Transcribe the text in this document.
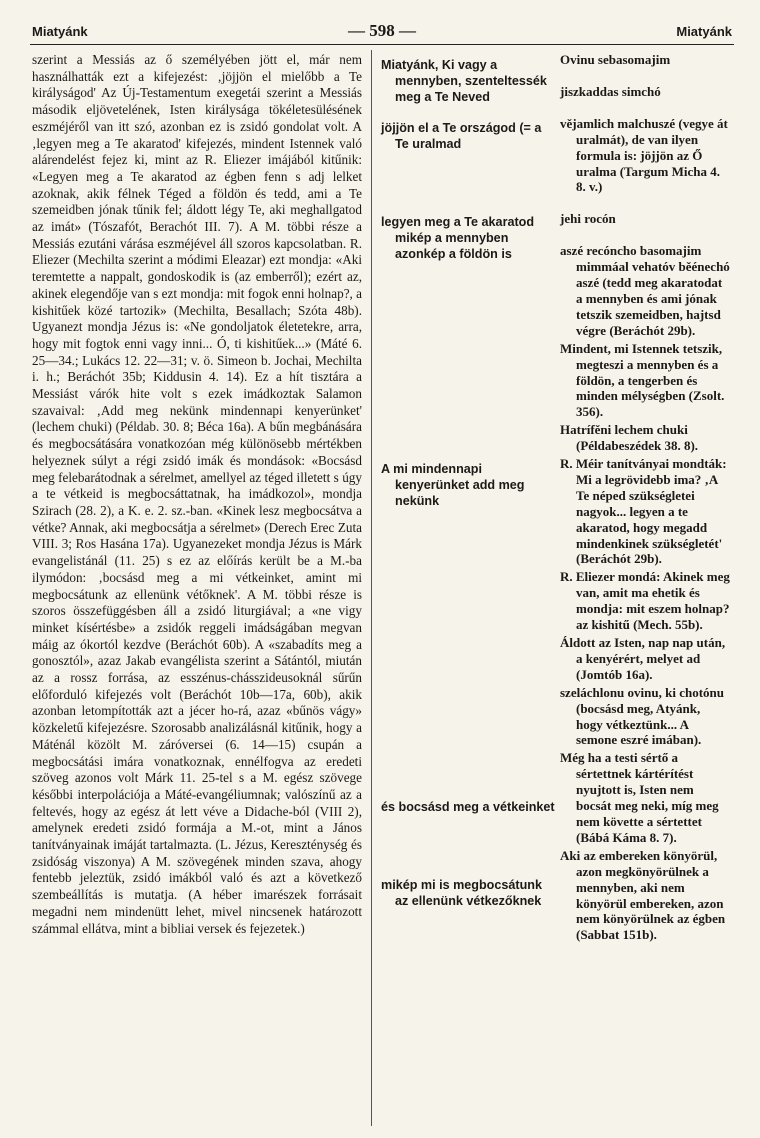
Miatyánk	— 598 —	Miatyánk

szerint a Messiás az ő személyében jött el, már nem használhatták ezt a kifejezést: ‚jöjjön el mielőbb a Te királyságod' Az Új-Testamentum exegetái szerint a Messiás második eljövetelének, Isten királysága tökéletesülésének eszméjéről van itt szó, azonban ez is zsidó gondolat volt. A ‚legyen meg a Te akaratod' kifejezés, mindent Istennek való alárendelést fejez ki, mint az R. Eliezer imájából kitűnik: «Legyen meg a Te akaratod az égben fenn s adj lelket azoknak, akik félnek Téged a földön és tedd, ami a Te szemeidben jónak tűnik fel; áldott légy Te, aki meghallgatod az imát» (Tószafót, Berachót III. 7). A M. többi része a Messiás ezutáni várása eszméjével áll szoros kapcsolatban. R. Eliezer (Mechilta szerint a módimi Eleazar) ezt mondja: «Aki teremtette a nappalt, gondoskodik is (az emberről); ezért az, akinek elegendője van s ezt mondja: mit fogok enni holnap?, a kishitűek közé tartozik» (Mechilta, Besallach; Szóta 48b). Ugyanezt mondja Jézus is: «Ne gondoljatok életetekre, arra, hogy mit fogtok enni vagy inni... Ó, ti kishitűek...» (Máté 6. 25—34.; Lukács 12. 22—31; v. ö. Simeon b. Jochai, Mechilta i. h.; Beráchót 35b; Kiddusin 4. 14). Ez a hít tisztára a Messiást várók hite volt s ezek imádkoztak Salamon szavaival: ‚Add meg nekünk mindennapi kenyerünket' (lechem chuki) (Példab. 30. 8; Béca 16a). A bűn megbánására és megbocsátására vonatkozóan még különösebb mértékben helyeznek súlyt a régi zsidó imák és mondások: «Bocsásd meg felebarátodnak a sérelmet, amellyel az téged illetett s úgy a te vétkeid is megbocsáttatnak, ha imádkozol», mondja Szirach (28. 2), a K. e. 2. sz.-ban. «Kinek lesz megbocsátva a vétke? Annak, aki megbocsátja a sérelmet» (Derech Erec Zuta VIII. 3; Ros Hasána 17a). Ugyanezeket mondja Jézus is Márk evangelistánál (11. 25) s ez az előírás került be a M.-ba ilymódon: ‚bocsásd meg a mi vétkeinket, amint mi megbocsátunk az ellenünk vétőknek'. A M. többi része is szoros összefüggésben áll a zsidó liturgiával; a «ne vigy minket kísértésbe» a zsidók reggeli imádságában megvan máig az ókortól kezdve (Beráchót 60b). A «szabadíts meg a gonosztól», azaz Jakab evangélista szerint a Sátántól, miután az a rossz forrása, az esszénus-chásszideusoknál sűrűn előforduló kifejezés volt (Beráchót 10b—17a, 60b), akik azonban letompították azt a jécer ho-rá, azaz «bűnös vágy» közkeletű kifejezésre. Szorosabb analizálásnál kitűnik, hogy a Máténál közölt M. záróversei (6. 14—15) csupán a megbocsátási imára vonatkoznak, ennélfogva az eredeti szöveg azonos volt Márk 11. 25-tel s a M. egész szövege későbbi interpolációja a Máté-evangéliumnak; valószínű az a feltevés, hogy az egész át lett véve a Didache-ból (VIII 2), amelynek eredeti zsidó formája a M.-ot, mint a János tanítványainak imáját tartalmazta. (L. Jézus, Kereszténység és zsidóság viszonya) A M. szövegének minden szava, ahogy fentebb jeleztük, zsidó imákból való és azt a következő szembeállítás is mutatja. (A héber imarészek forrásait megadni nem mindenütt lehet, mivel nincsenek határozott számmal ellátva, mint a bibliai versek és fejezetek.)

Miatyánk, Ki vagy a mennyben, szenteltessék meg a Te Neved
jöjjön el a Te országod (= a Te uralmad
legyen meg a Te akaratod mikép a mennyben azonkép a földön is
A mi mindennapi kenyerünket add meg nekünk
és bocsásd meg a vétkeinket
mikép mi is megbocsátunk az ellenünk vétkezőknek
Ovinu sebasomajim
jiszkaddas simchó
vějamlich malchuszé (vegye át uralmát), de van ilyen formula is: jöjjön az Ő uralma (Targum Micha 4. 8. v.)
jehi rocón
aszé recóncho basomajim mimmáal vehatóv běénechó aszé (tedd meg akaratodat a mennyben és ami jónak tetszik szemeidben, hajtsd végre (Beráchót 29b).
Mindent, mi Istennek tetszik, megteszi a mennyben és a földön, a tengerben és minden mélységben (Zsolt. 356).
Hatrífěni lechem chuki (Példabeszédek 38. 8).
R. Méir tanítványai mondták: Mi a legrövidebb ima? ‚A Te néped szükségletei nagyok... legyen a te akaratod, hogy megadd mindenkinek szükségletét' (Beráchót 29b).
R. Eliezer mondá: Akinek meg van, amit ma ehetik és mondja: mit eszem holnap? az kishitű (Mech. 55b).
Áldott az Isten, nap nap után, a kenyérért, melyet ad (Jomtób 16a).
szeláchlonu ovinu, ki chotónu (bocsásd meg, Atyánk, hogy vétkeztünk... A semone eszré imában).
Még ha a testi sértő a sértettnek kártérítést nyujtott is, Isten nem bocsát meg neki, míg meg nem követte a sértettet (Bábá Káma 8. 7).
Aki az embereken könyörül, azon megkönyörülnek a mennyben, aki nem könyörül embereken, azon nem könyörülnek az égben (Sabbat 151b).
